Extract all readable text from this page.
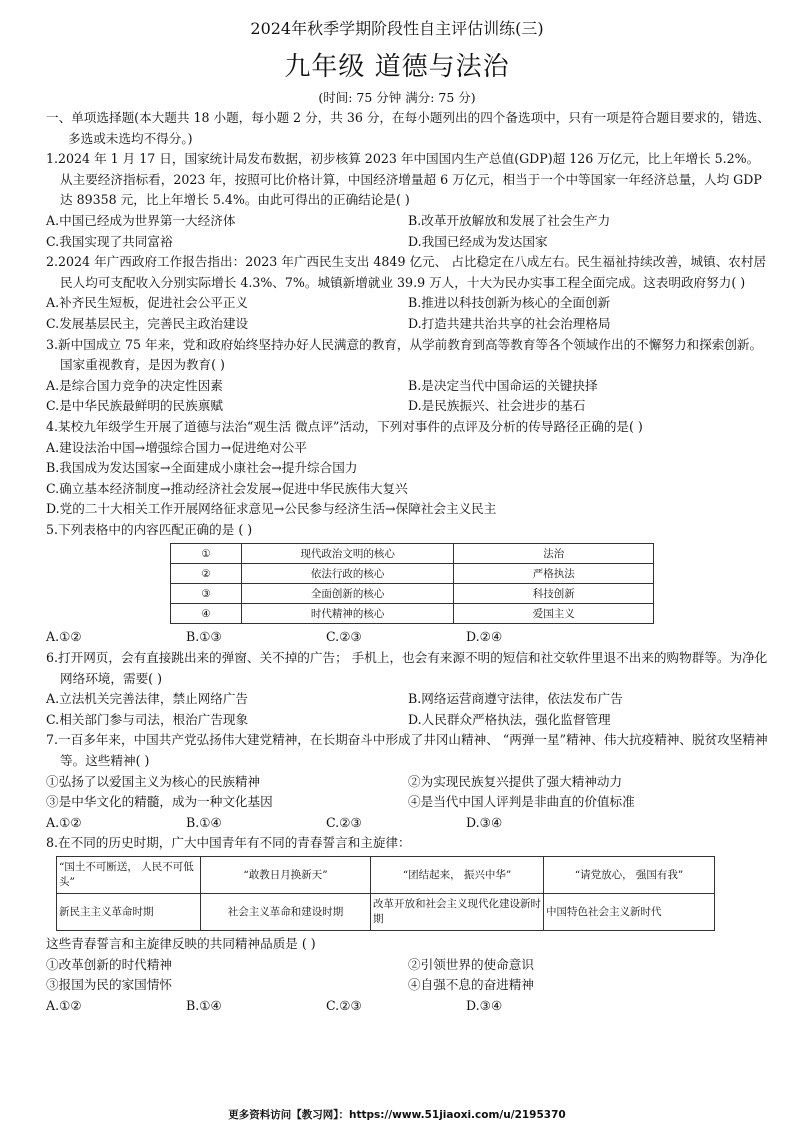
2024年秋季学期阶段性自主评估训练(三)
九年级 道德与法治
(时间: 75 分钟 满分: 75 分)

一、单项选择题(本大题共 18 小题，每小题 2 分，共 36 分，在每小题列出的四个备选项中，只有一项是符合题目要求的，错选、多选或未选均不得分。)

1.2024 年 1 月 17 日，国家统计局发布数据，初步核算 2023 年中国国内生产总值(GDP)超 126 万亿元，比上年增长 5.2%。从主要经济指标看，2023 年，按照可比价格计算，中国经济增量超 6 万亿元，相当于一个中等国家一年经济总量，人均 GDP 达 89358 元，比上年增长 5.4%。由此可得出的正确结论是( )

A.中国已经成为世界第一大经济体	B.改革开放解放和发展了社会生产力
C.我国实现了共同富裕	D.我国已经成为发达国家

2.2024 年广西政府工作报告指出：2023 年广西民生支出 4849 亿元、 占比稳定在八成左右。民生福祉持续改善，城镇、农村居民人均可支配收入分别实际增长 4.3%、7%。城镇新增就业 39.9 万人，十大为民办实事工程全面完成。这表明政府努力( )

A.补齐民生短板，促进社会公平正义	B.推进以科技创新为核心的全面创新
C.发展基层民主，完善民主政治建设	D.打造共建共治共享的社会治理格局

3.新中国成立 75 年来，党和政府始终坚持办好人民满意的教育，从学前教育到高等教育等各个领域作出的不懈努力和探索创新。国家重视教育，是因为教育( )

A.是综合国力竞争的决定性因素	B.是决定当代中国命运的关键抉择
C.是中华民族最鲜明的民族禀赋	D.是民族振兴、社会进步的基石

4.某校九年级学生开展了道德与法治“观生活 微点评”活动，下列对事件的点评及分析的传导路径正确的是( )

A.建设法治中国→增强综合国力→促进绝对公平

B.我国成为发达国家→全面建成小康社会→提升综合国力

C.确立基本经济制度→推动经济社会发展→促进中华民族伟大复兴

D.党的二十大相关工作开展网络征求意见→公民参与经济生活→保障社会主义民主

5.下列表格中的内容匹配正确的是 ( )

①	现代政治文明的核心	法治
②	依法行政的核心	严格执法
③	全面创新的核心	科技创新
④	时代精神的核心	爱国主义
A.①②	B.①③	C.②③	D.②④

6.打开网页，会有直接跳出来的弹窗、关不掉的广告； 手机上，也会有来源不明的短信和社交软件里退不出来的购物群等。为净化网络环境，需要( )

A.立法机关完善法律，禁止网络广告	B.网络运营商遵守法律，依法发布广告
C.相关部门参与司法，根治广告现象	D.人民群众严格执法，强化监督管理

7.一百多年来，中国共产党弘扬伟大建党精神，在长期奋斗中形成了井冈山精神、 “两弹一星”精神、伟大抗疫精神、脱贫攻坚精神等。这些精神( )

①弘扬了以爱国主义为核心的民族精神	②为实现民族复兴提供了强大精神动力
③是中华文化的精髓，成为一种文化基因	④是当代中国人评判是非曲直的价值标准
A.①②	B.①④	C.②③	D.③④

8.在不同的历史时期，广大中国青年有不同的青春誓言和主旋律：

“国土不可断送， 人民不可低头”	“敢教日月换新天”	“团结起来， 振兴中华”	“请党放心， 强国有我”
新民主主义革命时期	社会主义革命和建设时期	改革开放和社会主义现代化建设新时期	中国特色社会主义新时代

这些青春誓言和主旋律反映的共同精神品质是 ( )

①改革创新的时代精神	②引领世界的使命意识
③报国为民的家国情怀	④自强不息的奋进精神
A.①②	B.①④	C.②③	D.③④
更多资料访问【教习网】：https://www.51jiaoxi.com/u/2195370
